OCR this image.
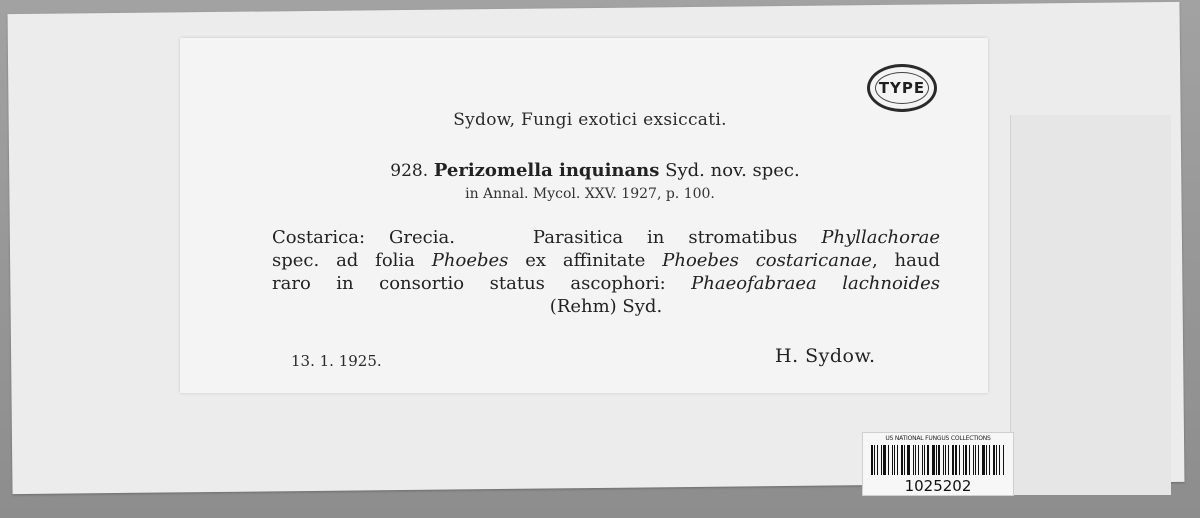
TYPE
Sydow, Fungi exotici exsiccati.
928. Perizomella inquinans Syd. nov. spec.
in Annal. Mycol. XXV. 1927, p. 100.
Costarica: Grecia.   	Parasitica in stromatibus Phyllachorae
spec. ad folia Phoebes ex affinitate Phoebes costaricanae, haud
raro in consortio status ascophori: Phaeofabraea lachnoides
(Rehm) Syd.
13. 1. 1925.	H. Sydow.
US NATIONAL FUNGUS COLLECTIONS
1025202
